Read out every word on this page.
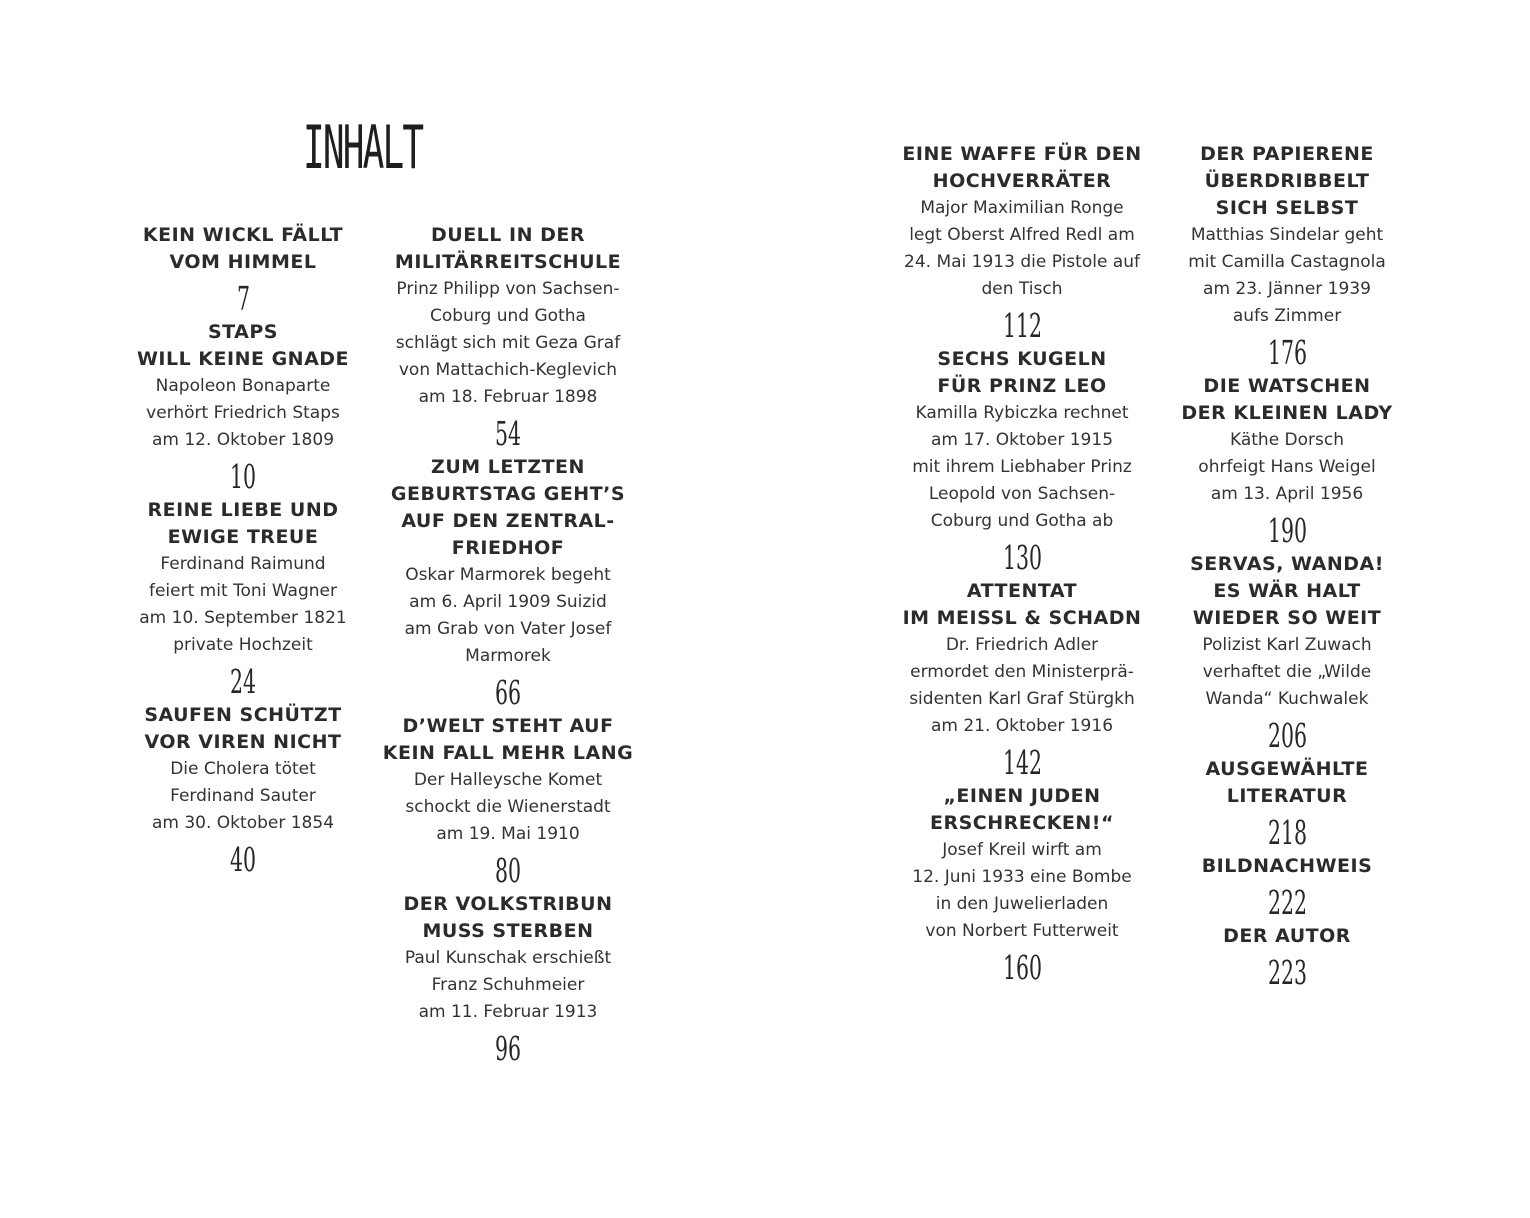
INHALT
KEIN WICKL FÄLLT
VOM HIMMEL
7
STAPS
WILL KEINE GNADE
Napoleon Bonaparte
verhört Friedrich Staps
am 12. Oktober 1809
10
REINE LIEBE UND
EWIGE TREUE
Ferdinand Raimund
feiert mit Toni Wagner
am 10. September 1821
private Hochzeit
24
SAUFEN SCHÜTZT
VOR VIREN NICHT
Die Cholera tötet
Ferdinand Sauter
am 30. Oktober 1854
40
DUELL IN DER
MILITÄRREITSCHULE
Prinz Philipp von Sachsen-
Coburg und Gotha
schlägt sich mit Geza Graf
von Mattachich-Keglevich
am 18. Februar 1898
54
ZUM LETZTEN
GEBURTSTAG GEHT’S
AUF DEN ZENTRAL-
FRIEDHOF
Oskar Marmorek begeht
am 6. April 1909 Suizid
am Grab von Vater Josef
Marmorek
66
D’WELT STEHT AUF
KEIN FALL MEHR LANG
Der Halleysche Komet
schockt die Wienerstadt
am 19. Mai 1910
80
DER VOLKSTRIBUN
MUSS STERBEN
Paul Kunschak erschießt
Franz Schuhmeier
am 11. Februar 1913
96
EINE WAFFE FÜR DEN
HOCHVERRÄTER
Major Maximilian Ronge
legt Oberst Alfred Redl am
24. Mai 1913 die Pistole auf
den Tisch
112
SECHS KUGELN
FÜR PRINZ LEO
Kamilla Rybiczka rechnet
am 17. Oktober 1915
mit ihrem Liebhaber Prinz
Leopold von Sachsen-
Coburg und Gotha ab
130
ATTENTAT
IM MEISSL & SCHADN
Dr. Friedrich Adler
ermordet den Ministerprä-
sidenten Karl Graf Stürgkh
am 21. Oktober 1916
142
„EINEN JUDEN
ERSCHRECKEN!“
Josef Kreil wirft am
12. Juni 1933 eine Bombe
in den Juwelierladen
von Norbert Futterweit
160
DER PAPIERENE
ÜBERDRIBBELT
SICH SELBST
Matthias Sindelar geht
mit Camilla Castagnola
am 23. Jänner 1939
aufs Zimmer
176
DIE WATSCHEN
DER KLEINEN LADY
Käthe Dorsch
ohrfeigt Hans Weigel
am 13. April 1956
190
SERVAS, WANDA!
ES WÄR HALT
WIEDER SO WEIT
Polizist Karl Zuwach
verhaftet die „Wilde
Wanda“ Kuchwalek
206
AUSGEWÄHLTE
LITERATUR
218
BILDNACHWEIS
222
DER AUTOR
223
